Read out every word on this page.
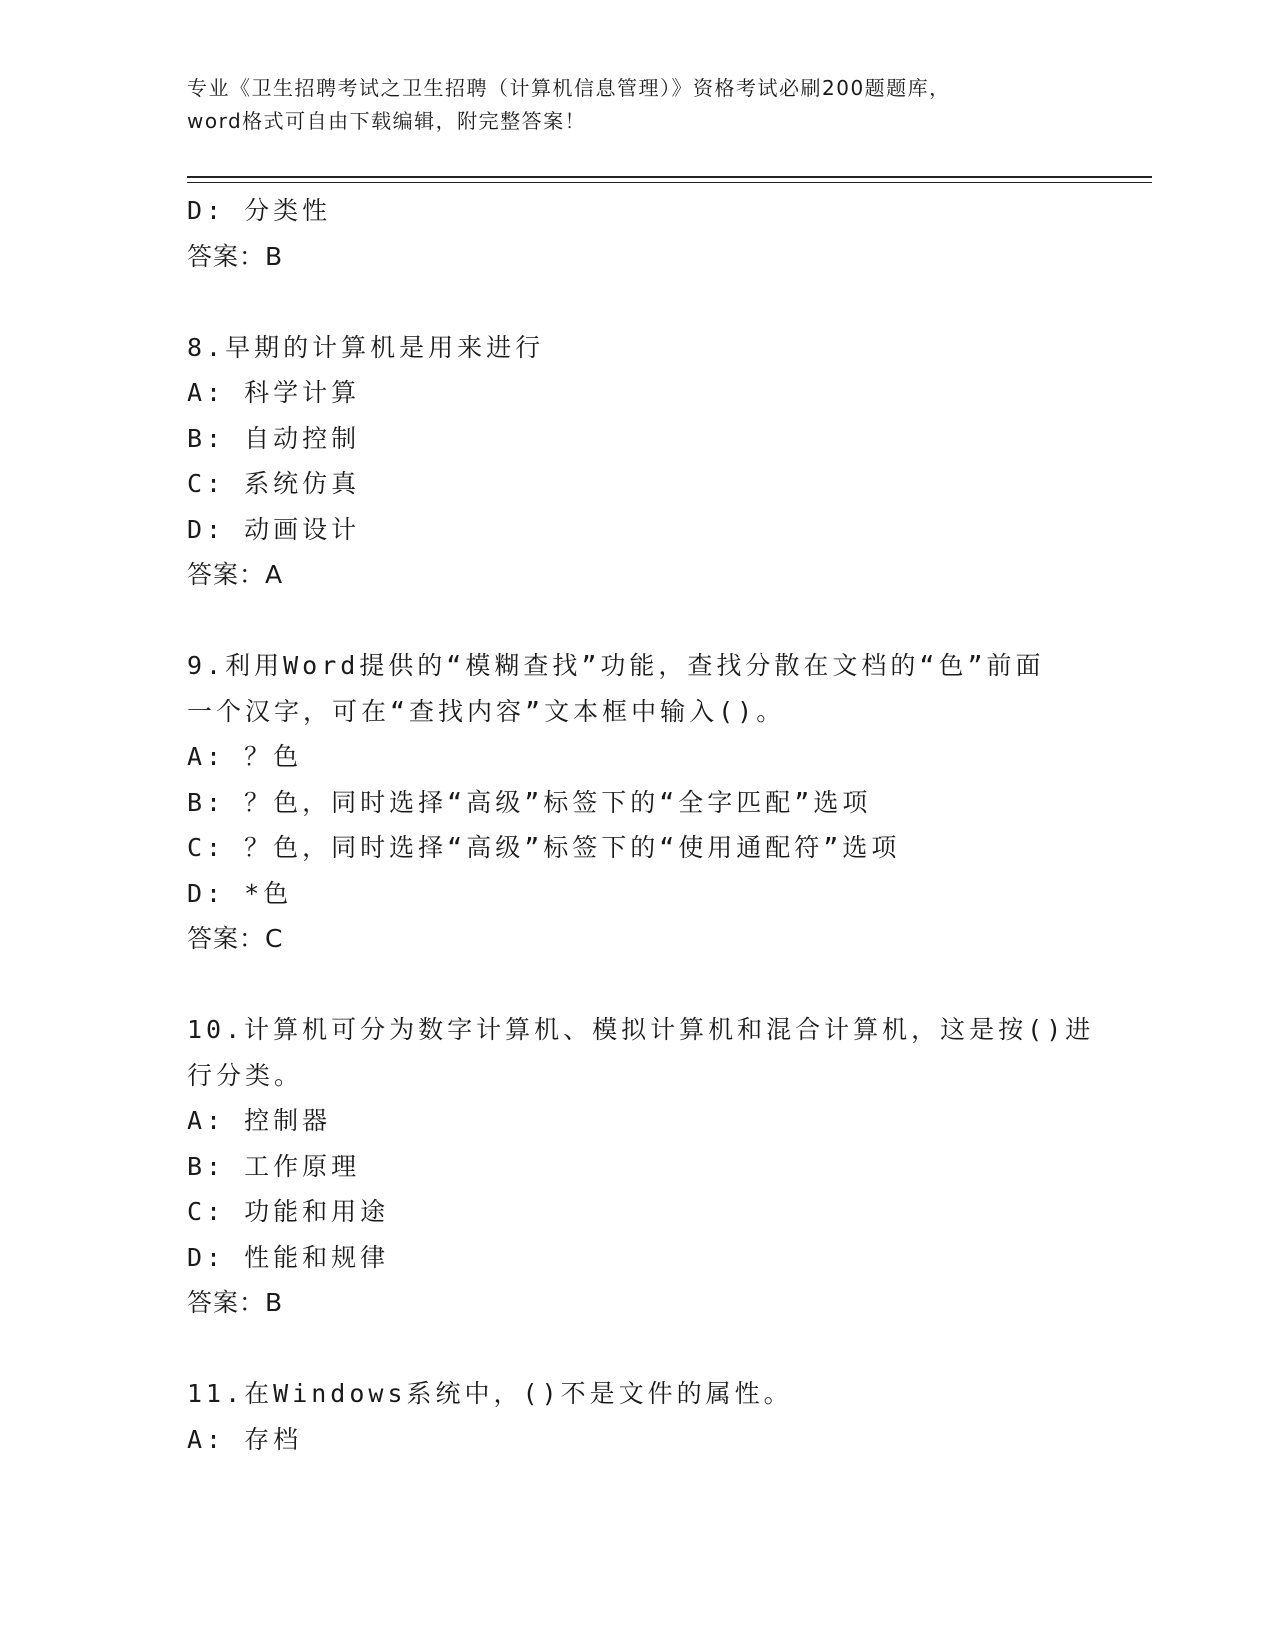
专业《卫生招聘考试之卫生招聘（计算机信息管理）》资格考试必刷200题题库，
word格式可自由下载编辑，附完整答案！
D: 分类性
答案：B
8.早期的计算机是用来进行
A: 科学计算
B: 自动控制
C: 系统仿真
D: 动画设计
答案：A
9.利用Word提供的“模糊查找”功能，查找分散在文档的“色”前面
一个汉字，可在“查找内容”文本框中输入()。
A: ？色
B: ？色，同时选择“高级”标签下的“全字匹配”选项
C: ？色，同时选择“高级”标签下的“使用通配符”选项
D: *色
答案：C
10.计算机可分为数字计算机、模拟计算机和混合计算机，这是按()进
行分类。
A: 控制器
B: 工作原理
C: 功能和用途
D: 性能和规律
答案：B
11.在Windows系统中，()不是文件的属性。
A: 存档
